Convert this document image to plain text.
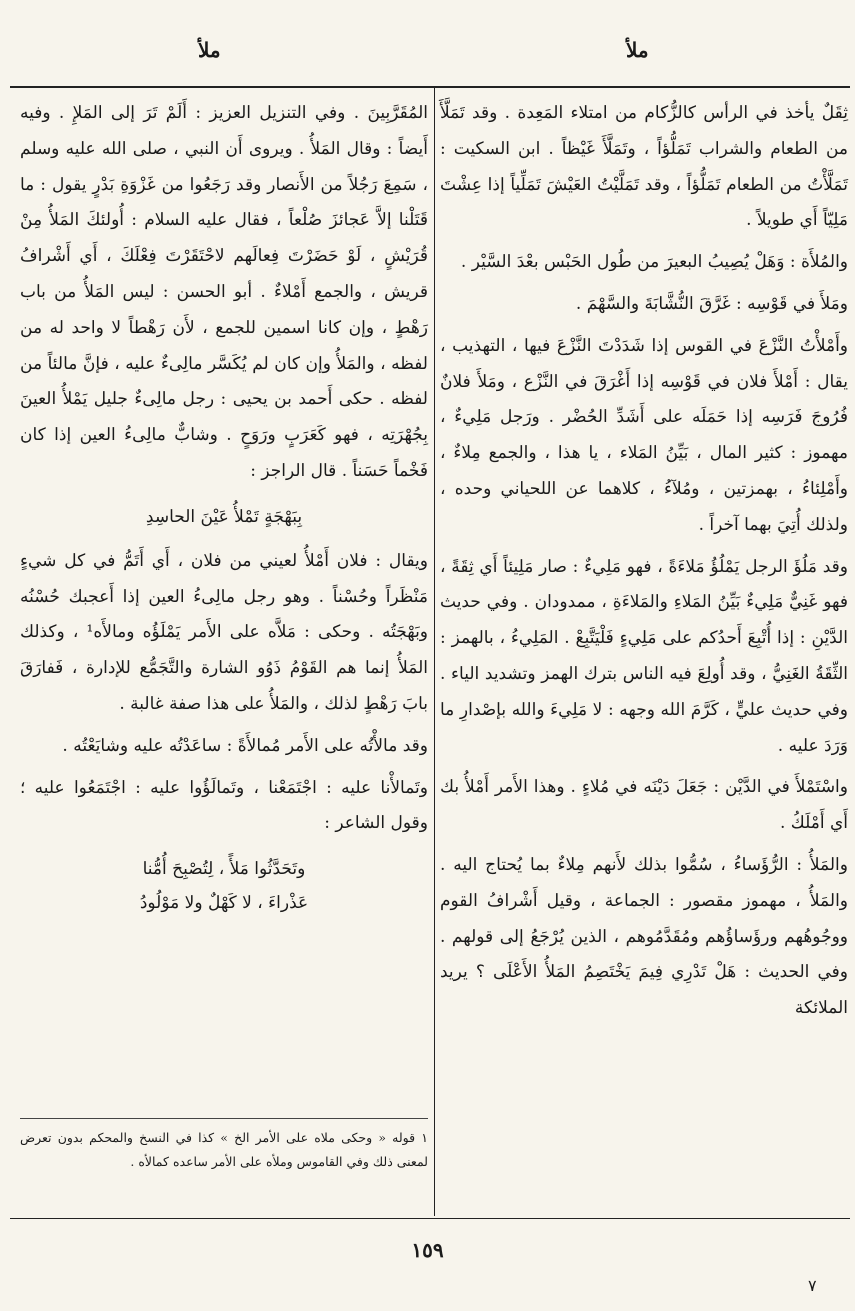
ملأ
ملأ

ثِقَلٌ يأخذ في الرأس كالزُّكام من امتلاء المَعِدة . وقد تَمَلَّأَ من الطعام والشراب تَمَلُّؤاً ، وتَمَلَّأَ غَيْظاً . ابن السكيت : تَمَلَّأْتُ من الطعام تَمَلُّؤاً ، وقد تَمَلَّيْتُ العَيْشَ تَمَلِّياً إذا عِشْتَ مَلِيّاً أَي طويلاً .

والمُلأَة : وَهَلْ يُصِيبُ البعيرَ من طُول الحَبْس بعْدَ السَّيْر .

ومَلأَ في قَوْسِه : غَرَّقَ النُّشَّابَةَ والسَّهْمَ .

وأَمْلأْتُ النَّزْعَ في القوس إذا شَدَدْتَ النَّزْعَ فيها ، التهذيب ، يقال : أَمْلأَ فلان في قَوْسِه إذا أَغْرَقَ في النَّزْع ، ومَلأَ فلانٌ فُرُوجَ فَرَسِه إذا حَمَلَه على أَشَدِّ الحُضْر . ورَجل مَلِيءٌ ، مهموز : كثير المال ، بَيِّنُ المَلاء ، يا هذا ، والجمع مِلاءٌ ، وأَمْلِئاءُ ، بهمزتين ، ومُلآءُ ، كلاهما عن اللحياني وحده ، ولذلك أُتِيَ بهما آخراً .

وقد مَلُؤَ الرجل يَمْلُؤُ مَلاءَةً ، فهو مَلِيءٌ : صار مَلِيئاً أَي ثِقَةً ، فهو غَنِيٌّ مَلِيءٌ بَيِّنُ المَلاءِ والمَلاءَةِ ، ممدودان . وفي حديث الدَّيْنِ : إذا أُتْبِعَ أَحدُكم على مَلِيءٍ فَلْيَتَّبِعْ . المَلِيءُ ، بالهمز : الثِّقَةُ الغَنِيُّ ، وقد أُولِعَ فيه الناس بترك الهمز وتشديد الياء . وفي حديث عليٍّ ، كَرَّمَ الله وجهه : لا مَلِيءَ والله بإصْدارِ ما وَرَدَ عليه .

واسْتَمْلأَ في الدَّيْن : جَعَلَ دَيْنَه في مُلاءٍ . وهذا الأَمر أَمْلأُ بك أَي أَمْلَكُ .

والمَلأُ : الرُّؤَساءُ ، سُمُّوا بذلك لأَنهم مِلاءٌ بما يُحتاج اليه . والمَلأُ ، مهموز مقصور : الجماعة ، وقيل أَشْرافُ القوم ووجُوهُهم ورؤَساؤُهم ومُقَدَّمُوهم ، الذين يُرْجَعُ إلى قولهم . وفي الحديث : هَلْ تَدْرِي فِيمَ يَخْتَصِمُ المَلأُ الأَعْلَى ؟ يريد الملائكة

المُقَرَّبِينَ . وفي التنزيل العزيز : أَلَمْ تَرَ إلى المَلإِ . وفيه أَيضاً : وقال المَلأُ . ويروى أَن النبي ، صلى الله عليه وسلم ، سَمِعَ رَجُلاً من الأَنصار وقد رَجَعُوا من غَزْوَةِ بَدْرٍ يقول : ما قَتَلْنا إلاَّ عَجائزَ صُلْعاً ، فقال عليه السلام : أُولئكَ المَلأُ مِنْ قُرَيْشٍ ، لَوْ حَضَرْتَ فِعالَهم لاحْتَقَرْتَ فِعْلَكَ ، أَي أَشْرافُ قريش ، والجمع أَمْلاءٌ . أبو الحسن : ليس المَلأُ من باب رَهْطٍ ، وإن كانا اسمين للجمع ، لأَن رَهْطاً لا واحد له من لفظه ، والمَلأُ وإن كان لم يُكَسَّر مالِىءٌ عليه ، فإنَّ مالئاً من لفظه . حكى أَحمد بن يحيى : رجل مالِىءٌ جليل يَمْلأُ العينَ بِجُهْرَتِه ، فهو كَعَرَبٍ ورَوَحٍ . وشابٌّ مالِىءُ العين إذا كان فَخْماً حَسَناً . قال الراجز :

بِبَهْجَةٍ تَمْلأُ عَيْنَ الحاسِدِ

ويقال : فلان أَمْلأُ لعيني من فلان ، أَي أَتَمُّ في كل شيءٍ مَنْظَراً وحُسْناً . وهو رجل مالِىءُ العين إذا أَعجبك حُسْنُه وبَهْجَتُه . وحكى : مَلاَّه على الأَمر يَمْلَؤُه ومالأَه¹ ، وكذلك المَلأُ إنما هم القَوْمُ ذَوُو الشارة والتَّجَمُّع للإدارة ، فَفارَقَ بابَ رَهْطٍ لذلك ، والمَلأُ على هذا صفة غالبة .

وقد مالأْتُه على الأَمر مُمالأَةً : ساعَدْتُه عليه وشايَعْتُه .

وتَمالأْنا عليه : اجْتَمَعْنا ، وتَمالَؤُوا عليه : اجْتَمَعُوا عليه ؛ وقول الشاعر :

وتَحَدَّثُوا مَلأً ، لِتُصْبِحَ أُمُّنا
عَذْراءَ ، لا كَهْلٌ ولا مَوْلُودُ
١ قوله « وحكى ملاه على الأمر الخ » كذا في النسخ والمحكم بدون تعرض لمعنى ذلك وفي القاموس وملأه على الأمر ساعده كمالأه .
١٥٩
٧
